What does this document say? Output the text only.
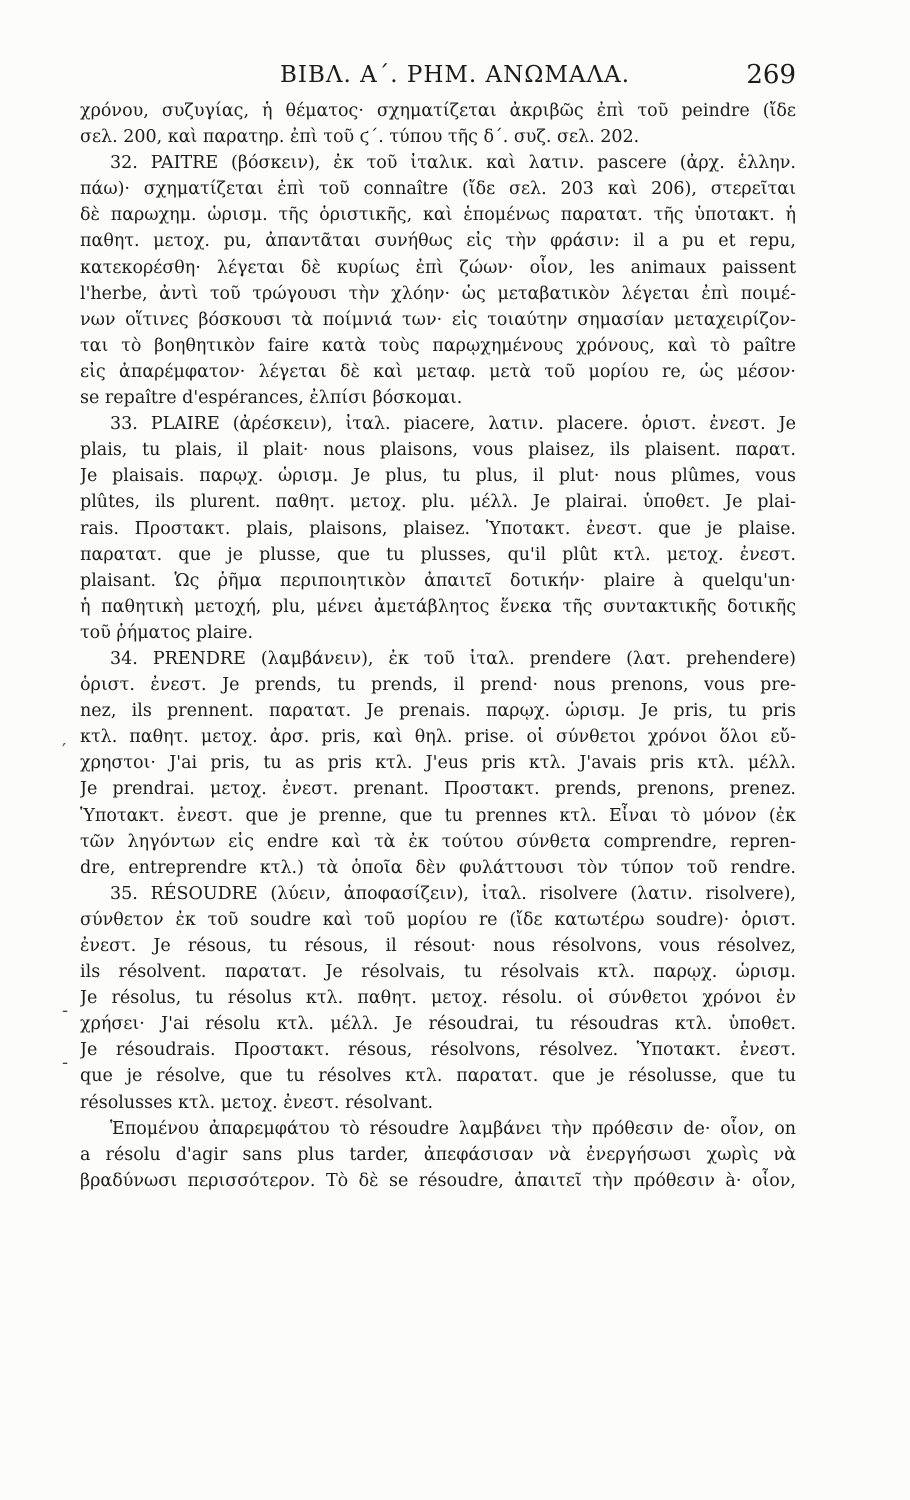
ΒΙΒΛ. Α΄. ΡΗΜ. ΑΝΩΜΑΛΑ.	269
χρόνου, συζυγίας, ἡ θέματος· σχηματίζεται ἀκριβῶς ἐπὶ τοῦ peindre (ἴδε
σελ. 200, καὶ παρατηρ. ἐπὶ τοῦ ϛ΄. τύπου τῆς δ΄. συζ. σελ. 202.
32. PAITRE (βόσκειν), ἐκ τοῦ ἰταλικ. καὶ λατιν. pascere (ἀρχ. ἑλλην.
πάω)· σχηματίζεται ἐπὶ τοῦ connaître (ἴδε σελ. 203 καὶ 206), στερεῖται
δὲ παρωχημ. ὡρισμ. τῆς ὁριστικῆς, καὶ ἑπομένως παρατατ. τῆς ὑποτακτ. ἡ
παθητ. μετοχ. pu, ἀπαντᾶται συνήθως εἰς τὴν φράσιν: il a pu et repu,
κατεκορέσθη· λέγεται δὲ κυρίως ἐπὶ ζώων· οἷον, les animaux paissent
l'herbe, ἀντὶ τοῦ τρώγουσι τὴν χλόην· ὡς μεταβατικὸν λέγεται ἐπὶ ποιμέ-
νων οἵτινες βόσκουσι τὰ ποίμνιά των· εἰς τοιαύτην σημασίαν μεταχειρίζον-
ται τὸ βοηθητικὸν faire κατὰ τοὺς παρῳχημένους χρόνους, καὶ τὸ paître
εἰς ἀπαρέμφατον· λέγεται δὲ καὶ μεταφ. μετὰ τοῦ μορίου re, ὡς μέσον·
se repaître d'espérances, ἐλπίσι βόσκομαι.
33. PLAIRE (ἀρέσκειν), ἰταλ. piacere, λατιν. placere. ὁριστ. ἐνεστ. Je
plais, tu plais, il plait· nous plaisons, vous plaisez, ils plaisent. παρατ.
Je plaisais. παρῳχ. ὡρισμ. Je plus, tu plus, il plut· nous plûmes, vous
plûtes, ils plurent. παθητ. μετοχ. plu. μέλλ. Je plairai. ὑποθετ. Je plai-
rais. Προστακτ. plais, plaisons, plaisez. Ὑποτακτ. ἐνεστ. que je plaise.
παρατατ. que je plusse, que tu plusses, qu'il plût κτλ. μετοχ. ἐνεστ.
plaisant. Ὡς ῥῆμα περιποιητικὸν ἀπαιτεῖ δοτικήν· plaire à quelqu'un·
ἡ παθητικὴ μετοχή, plu, μένει ἀμετάβλητος ἕνεκα τῆς συντακτικῆς δοτικῆς
τοῦ ῥήματος plaire.
34. PRENDRE (λαμβάνειν), ἐκ τοῦ ἰταλ. prendere (λατ. prehendere)
ὁριστ. ἐνεστ. Je prends, tu prends, il prend· nous prenons, vous pre-
nez, ils prennent. παρατατ. Je prenais. παρῳχ. ὡρισμ. Je pris, tu pris
κτλ. παθητ. μετοχ. ἀρσ. pris, καὶ θηλ. prise. οἱ σύνθετοι χρόνοι ὅλοι εὔ-
χρηστοι· J'ai pris, tu as pris κτλ. J'eus pris κτλ. J'avais pris κτλ. μέλλ.
Je prendrai. μετοχ. ἐνεστ. prenant. Προστακτ. prends, prenons, prenez.
Ὑποτακτ. ἐνεστ. que je prenne, que tu prennes κτλ. Εἶναι τὸ μόνον (ἐκ
τῶν ληγόντων εἰς endre καὶ τὰ ἐκ τούτου σύνθετα comprendre, repren-
dre, entreprendre κτλ.) τὰ ὁποῖα δὲν φυλάττουσι τὸν τύπον τοῦ rendre.
35. RÉSOUDRE (λύειν, ἀποφασίζειν), ἰταλ. risolvere (λατιν. risolvere),
σύνθετον ἐκ τοῦ soudre καὶ τοῦ μορίου re (ἴδε κατωτέρω soudre)· ὁριστ.
ἐνεστ. Je résous, tu résous, il résout· nous résolvons, vous résolvez,
ils résolvent. παρατατ. Je résolvais, tu résolvais κτλ. παρῳχ. ὡρισμ.
Je résolus, tu résolus κτλ. παθητ. μετοχ. résolu. οἱ σύνθετοι χρόνοι ἐν
χρήσει· J'ai résolu κτλ. μέλλ. Je résoudrai, tu résoudras κτλ. ὑποθετ.
Je résoudrais. Προστακτ. résous, résolvons, résolvez. Ὑποτακτ. ἐνεστ.
que je résolve, que tu résolves κτλ. παρατατ. que je résolusse, que tu
résolusses κτλ. μετοχ. ἐνεστ. résolvant.
Ἑπομένου ἀπαρεμφάτου τὸ résoudre λαμβάνει τὴν πρόθεσιν de· οἷον, on
a résolu d'agir sans plus tarder, ἀπεφάσισαν νὰ ἐνεργήσωσι χωρὶς νὰ
βραδύνωσι περισσότερον. Τὸ δὲ se résoudre, ἀπαιτεῖ τὴν πρόθεσιν à· οἷον,
′
-
-
